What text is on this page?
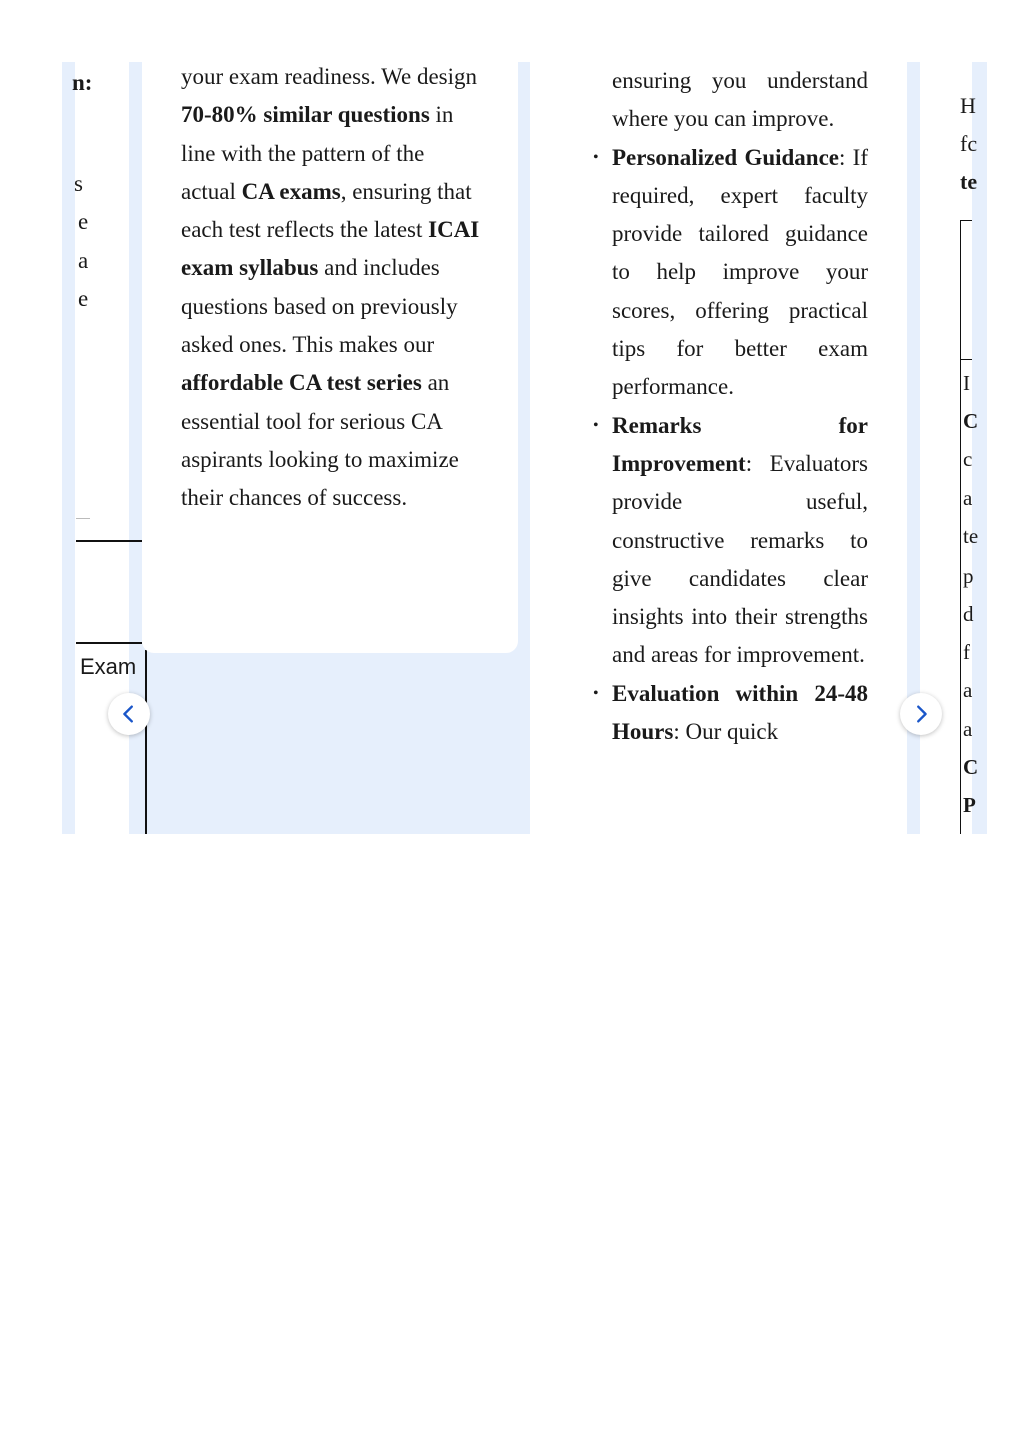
n:
s
e
a
e
Exam

your exam readiness. We design 70-80% similar questions in line with the pattern of the actual CA exams, ensuring that each test reflects the latest ICAI exam syllabus and includes questions based on previously asked ones. This makes our affordable CA test series an essential tool for serious CA aspirants looking to maximize their chances of success.

ensuring you understand where you can improve.

• Personalized Guidance: If required, expert faculty provide tailored guidance to help improve your scores, offering practical tips for better exam performance.
• Remarks for Improvement: Evaluators provide useful, constructive remarks to give candidates clear insights into their strengths and areas for improvement.
• Evaluation within 24-48 Hours: Our quick
H
fc
te
I
C
c
a
te
p
d
f
a
a
C
P
